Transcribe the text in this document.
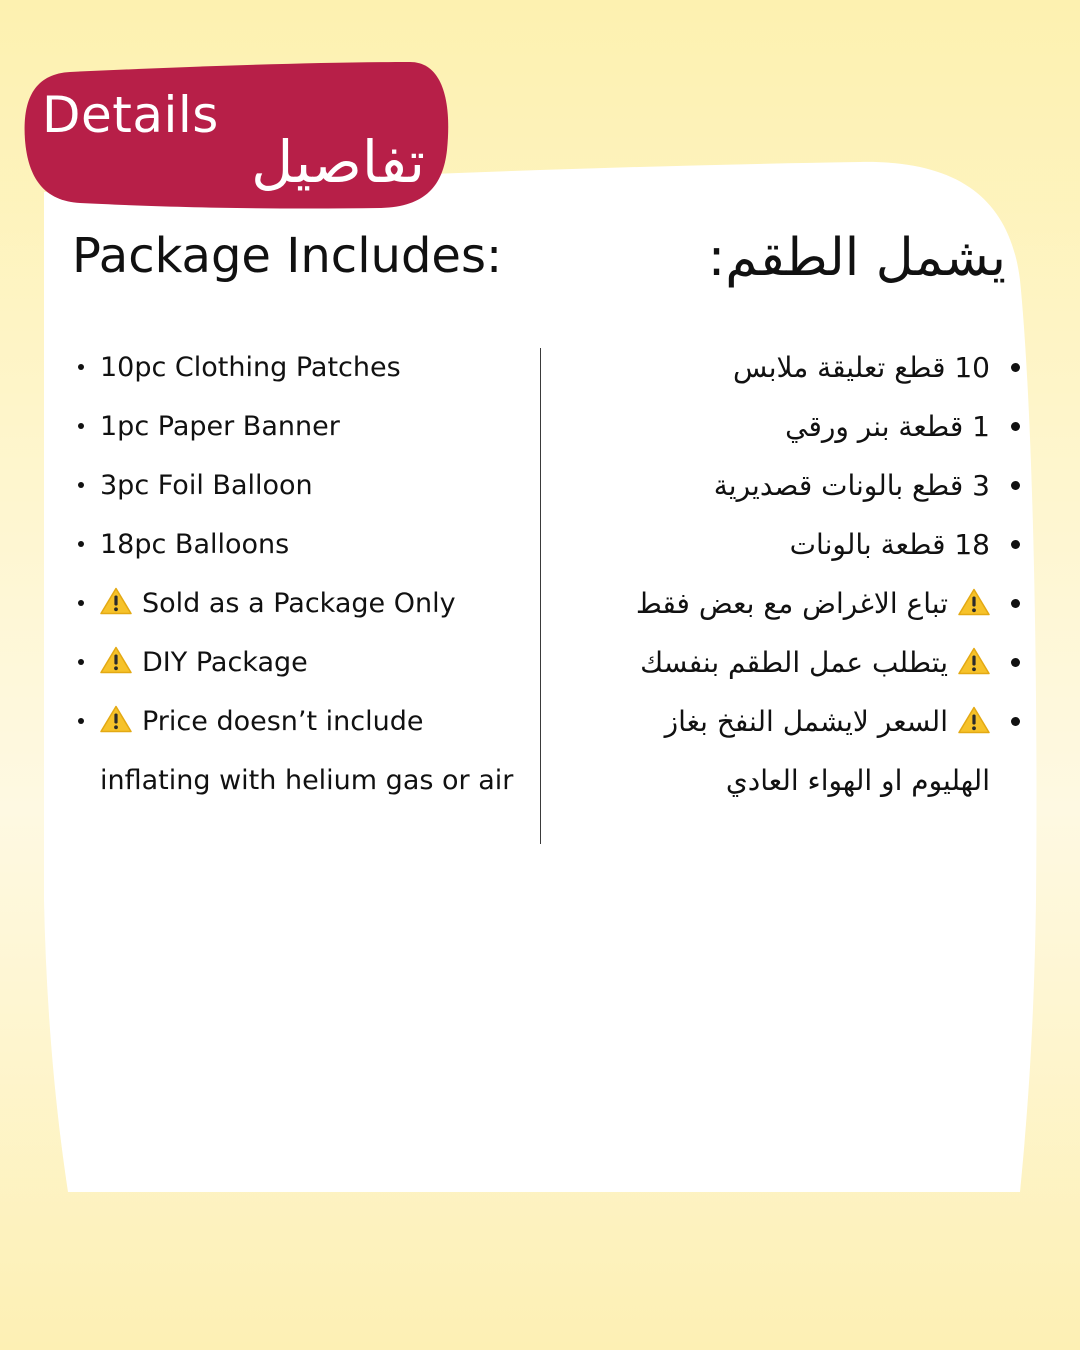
Details
تفاصيل
Package Includes:	يشمل الطقم:
10pc Clothing Patches
1pc Paper Banner
3pc Foil Balloon
18pc Balloons
Sold as a Package Only
DIY Package
Price doesn’t include inflating with helium gas or air
10 قطع تعليقة ملابس
1 قطعة بنر ورقي
3 قطع بالونات قصديرية
18 قطعة بالونات
تباع الاغراض مع بعض فقط
يتطلب عمل الطقم بنفسك
السعر لايشمل النفخ بغاز الهليوم او الهواء العادي
